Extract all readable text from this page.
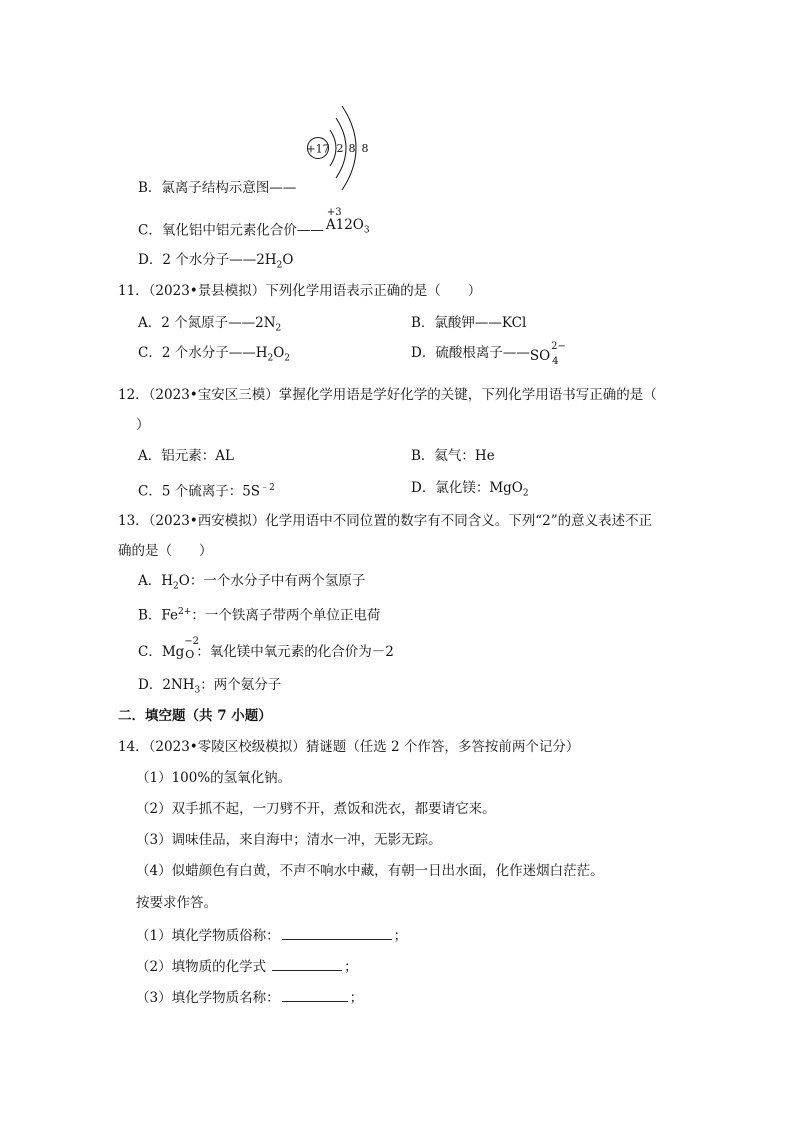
+17 2 8 8
B．氯离子结构示意图——
C．氧化铝中铝元素化合价——
+3
$A12O_3$
D．2 个水分子$——2H_2O$
11．（2023•景县模拟）下列化学用语表示正确的是（　　）
A．2 个氮原子$——2N_2$	B．氯酸钾——KCl
C．2 个水分子$——H_2O_2$	D．硫酸根离子——SO
2−
4
12．（2023•宝安区三模）掌握化学用语是学好化学的关键，下列化学用语书写正确的是（
）
A．铝元素：AL	B．氦气：He
C．5 个硫离子：$5S^{﹣2}$	D．氯化镁：MgO$_2$
13．（2023•西安模拟）化学用语中不同位置的数字有不同含义。下列“2”的意义表述不正
确的是（　　）
A．$H_2O$：一个水分子中有两个氢原子
B．$Fe^{2+}$：一个铁离子带两个单位正电荷
C．Mg
−2
O ：氧化镁中氧元素的化合价为－2
D．$2NH_3$：两个氨分子
二．填空题（共 7 小题）
14．（2023•零陵区校级模拟）猜谜题（任选 2 个作答，多答按前两个记分）
（1）100%的氢氧化钠。
（2）双手抓不起，一刀劈不开，煮饭和洗衣，都要请它来。
（3）调味佳品，来自海中；清水一冲，无影无踪。
（4）似蜡颜色有白黄，不声不响水中藏，有朝一日出水面，化作迷烟白茫茫。
按要求作答。
（1）填化学物质俗称：	；
（2）填物质的化学式	；
（3）填化学物质名称：	；
